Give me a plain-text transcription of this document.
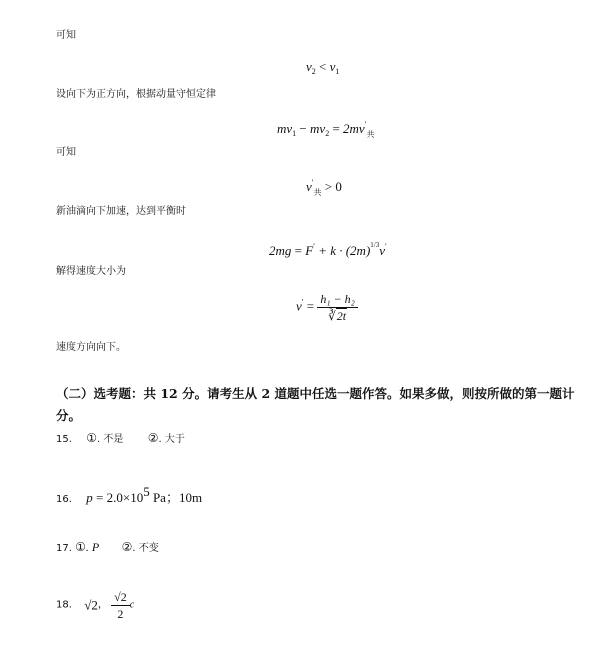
可知
$v_2 < v_1$
设向下为正方向，根据动量守恒定律
$mv_1 - mv_2 = 2mv'_共$
可知
$v'_共 > 0$
新油滴向下加速，达到平衡时
$2mg = F' + k \cdot (2m)^{1/3}v'$
解得速度大小为
$v' = \frac{\text{h₁ − h₂}}{∛2t}$
速度方向向下。
（二）选考题：共 12 分。请考生从 2 道题中任选一题作答。如果多做，则按所做的第一题计分。
15. ①. 不是 ②. 大于
16. p = 2.0×105 Pa；10m
17. ①. P ②. 不变
18. √2， $\frac{√2}{2}$ c
